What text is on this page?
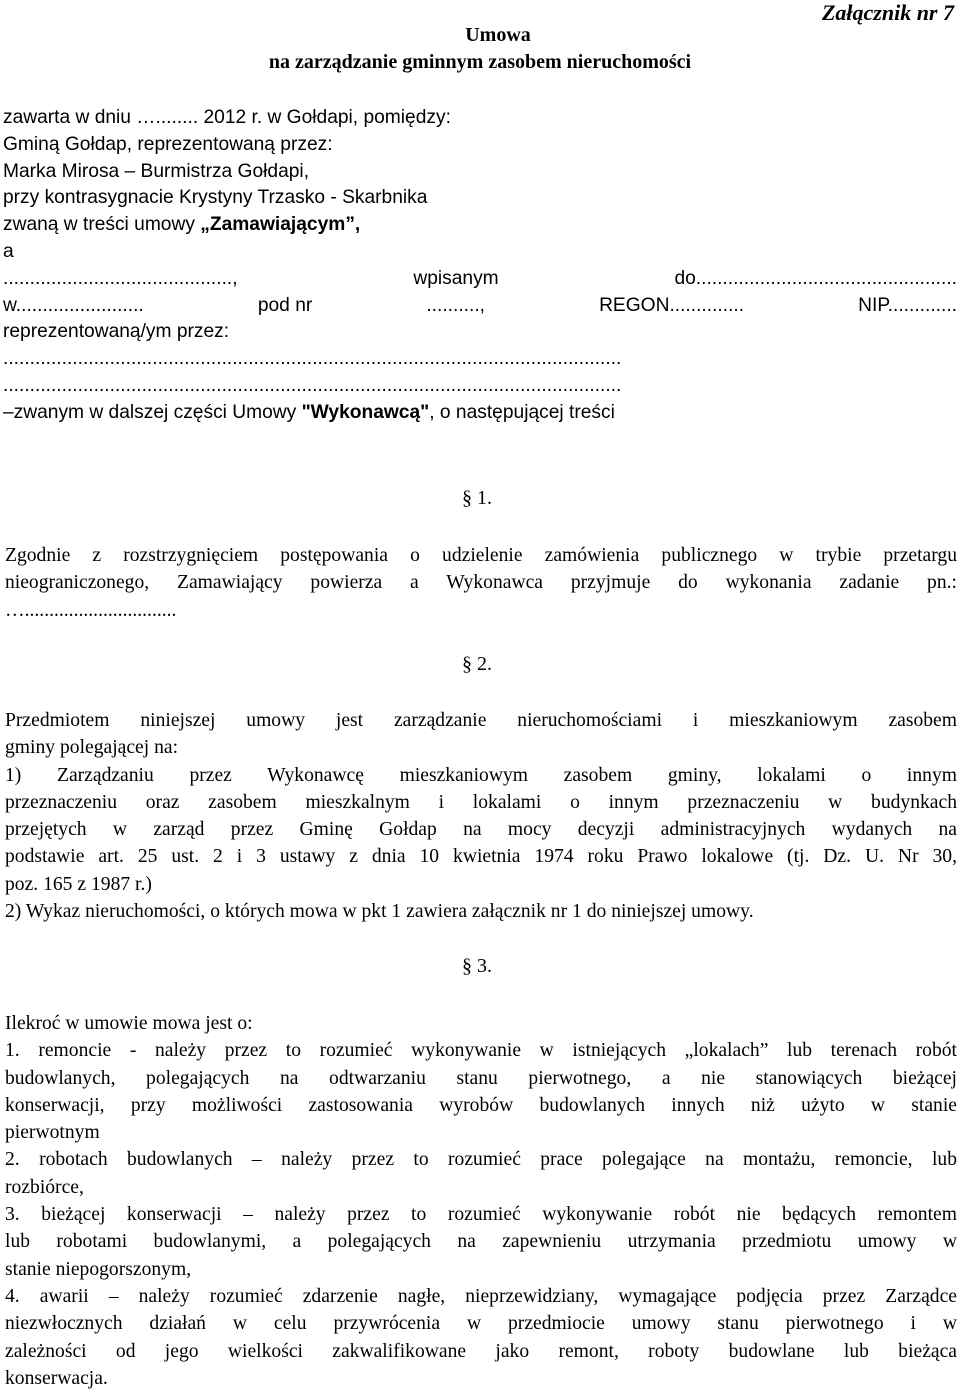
Załącznik nr 7
Umowa
na zarządzanie gminnym zasobem nieruchomości
zawarta w dniu …........ 2012 r. w Gołdapi, pomiędzy:
Gminą Gołdap, reprezentowaną przez:
Marka Mirosa – Burmistrza Gołdapi,
przy kontrasygnacie Krystyny Trzasko - Skarbnika
zwaną w treści umowy „Zamawiającym”,
a
...........................................,	wpisanym	do.................................................
w........................	pod nr	..........,	REGON..............	NIP.............
reprezentowaną/ym przez:
....................................................................................................................
....................................................................................................................
–zwanym w dalszej części Umowy "Wykonawcą", o następującej treści
§ 1.
Zgodnie z rozstrzygnięciem postępowania o udzielenie zamówienia publicznego w trybie przetargu
nieograniczonego, Zamawiający powierza a Wykonawca przyjmuje do wykonania zadanie pn.:
…...............................
§ 2.
Przedmiotem niniejszej umowy jest zarządzanie nieruchomościami i mieszkaniowym zasobem
gminy polegającej na:
1) Zarządzaniu przez Wykonawcę mieszkaniowym zasobem gminy, lokalami o innym
przeznaczeniu oraz zasobem mieszkalnym i lokalami o innym przeznaczeniu w budynkach
przejętych w zarząd przez Gminę Gołdap na mocy decyzji administracyjnych wydanych na
podstawie art. 25 ust. 2 i 3 ustawy z dnia 10 kwietnia 1974 roku Prawo lokalowe (tj. Dz. U. Nr 30,
poz. 165 z 1987 r.)
2) Wykaz nieruchomości, o których mowa w pkt 1 zawiera załącznik nr 1 do niniejszej umowy.
§ 3.
Ilekroć w umowie mowa jest o:
1. remoncie - należy przez to rozumieć wykonywanie w istniejących „lokalach” lub terenach robót
budowlanych, polegających na odtwarzaniu stanu pierwotnego, a nie stanowiących bieżącej
konserwacji, przy możliwości zastosowania wyrobów budowlanych innych niż użyto w stanie
pierwotnym
2. robotach budowlanych – należy przez to rozumieć prace polegające na montażu, remoncie, lub
rozbiórce,
3. bieżącej konserwacji – należy przez to rozumieć wykonywanie robót nie będących remontem
lub robotami budowlanymi, a polegających na zapewnieniu utrzymania przedmiotu umowy w
stanie niepogorszonym,
4. awarii – należy rozumieć zdarzenie nagłe, nieprzewidziany, wymagające podjęcia przez Zarządce
niezwłocznych działań w celu przywrócenia w przedmiocie umowy stanu pierwotnego i w
zależności od jego wielkości zakwalifikowane jako remont, roboty budowlane lub bieżąca
konserwacja.
